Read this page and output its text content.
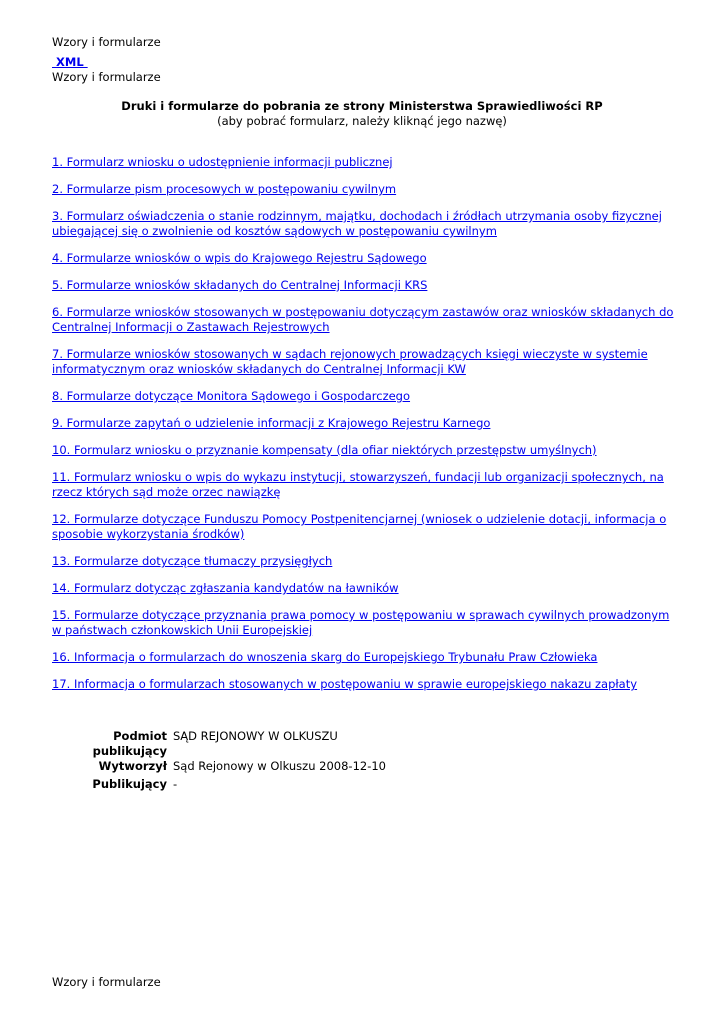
Wzory i formularze
XML
Wzory i formularze
Druki i formularze do pobrania ze strony Ministerstwa Sprawiedliwości RP
(aby pobrać formularz, należy kliknąć jego nazwę)
1. Formularz wniosku o udostępnienie informacji publicznej
2. Formularze pism procesowych w postępowaniu cywilnym
3. Formularz oświadczenia o stanie rodzinnym, majątku, dochodach i źródłach utrzymania osoby fizycznej ubiegającej się o zwolnienie od kosztów sądowych w postępowaniu cywilnym
4. Formularze wniosków o wpis do Krajowego Rejestru Sądowego
5. Formularze wniosków składanych do Centralnej Informacji KRS
6. Formularze wniosków stosowanych w postępowaniu dotyczącym zastawów oraz wniosków składanych do Centralnej Informacji o Zastawach Rejestrowych
7. Formularze wniosków stosowanych w sądach rejonowych prowadzących księgi wieczyste w systemie informatycznym oraz wniosków składanych do Centralnej Informacji KW
8. Formularze dotyczące Monitora Sądowego i Gospodarczego
9. Formularze zapytań o udzielenie informacji z Krajowego Rejestru Karnego
10. Formularz wniosku o przyznanie kompensaty (dla ofiar niektórych przestępstw umyślnych)
11. Formularz wniosku o wpis do wykazu instytucji, stowarzyszeń, fundacji lub organizacji społecznych, na rzecz których sąd może orzec nawiązkę
12. Formularze dotyczące Funduszu Pomocy Postpenitencjarnej (wniosek o udzielenie dotacji, informacja o sposobie wykorzystania środków)
13. Formularze dotyczące tłumaczy przysięgłych
14. Formularz dotycząc zgłaszania kandydatów na ławników
15. Formularze dotyczące przyznania prawa pomocy w postępowaniu w sprawach cywilnych prowadzonym w państwach członkowskich Unii Europejskiej
16. Informacja o formularzach do wnoszenia skarg do Europejskiego Trybunału Praw Człowieka
17. Informacja o formularzach stosowanych w postępowaniu w sprawie europejskiego nakazu zapłaty
Podmiot publikujący	SĄD REJONOWY W OLKUSZU
Wytworzył	Sąd Rejonowy w Olkuszu 2008-12-10
Publikujący	-
Wzory i formularze
